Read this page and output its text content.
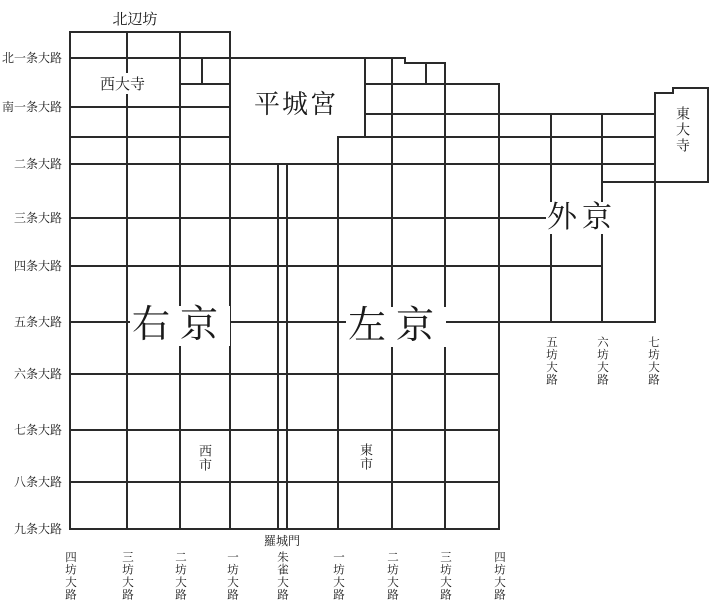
北辺坊
西大寺
平城宮
東大寺
外京
右京	左京
西市	東市
羅城門
北一条大路
南一条大路
二条大路
三条大路
四条大路
五条大路
六条大路
七条大路
八条大路
九条大路
四坊大路	三坊大路	二坊大路	一坊大路	朱雀大路	一坊大路	二坊大路	三坊大路	四坊大路
五坊大路	六坊大路	七坊大路
